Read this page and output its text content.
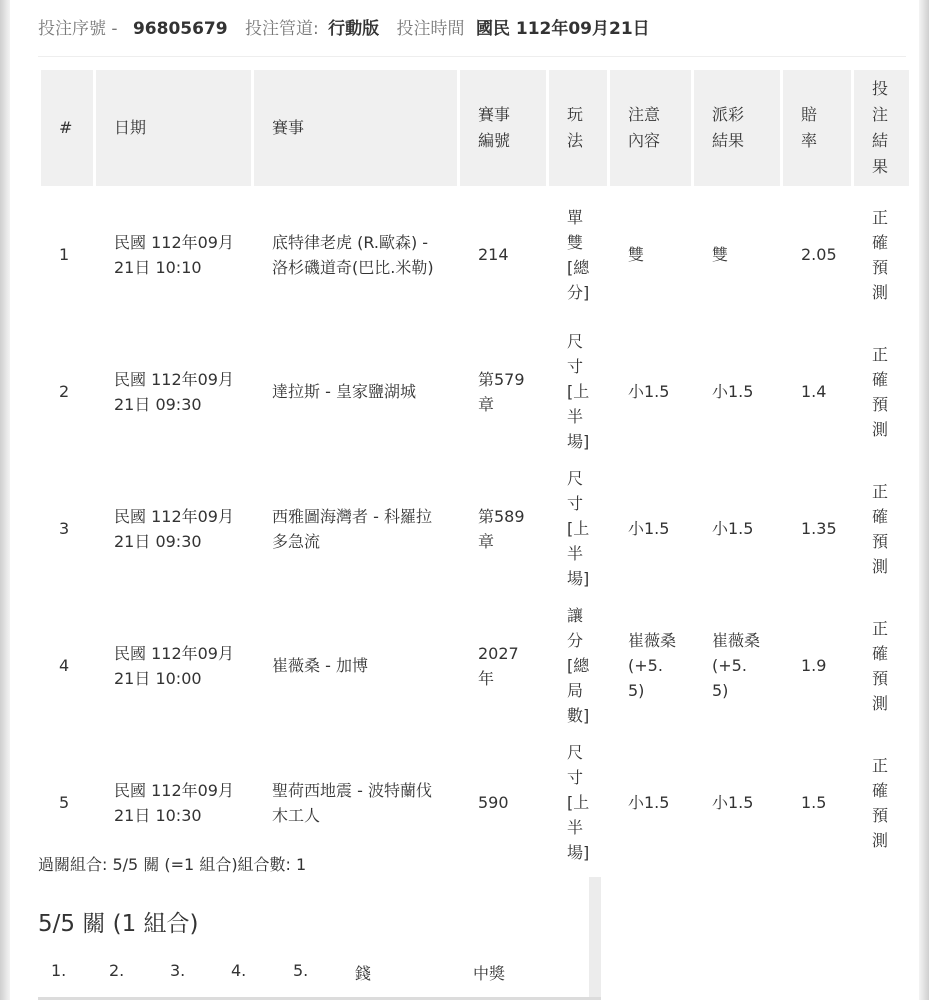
投注序號 - 96805679 投注管道: 行動版 投注時間 國民 112年09月21日
#	日期	賽事	賽事編號	玩法	注意內容	派彩結果	賠率	投注結果

1	民國 112年09月21日 10:10	底特律老虎 (R.歐森) - 洛杉磯道奇(巴比.米勒)	214	單雙[總分]	雙	雙	2.05	正確預測

2	民國 112年09月21日 09:30	達拉斯 - 皇家鹽湖城	第579章	尺寸[上半場]	小1.5	小1.5	1.4	正確預測

3	民國 112年09月21日 09:30	西雅圖海灣者 - 科羅拉多急流	第589章	尺寸[上半場]	小1.5	小1.5	1.35	正確預測

4	民國 112年09月21日 10:00	崔薇桑 - 加博	2027年	讓分[總局數]	崔薇桑(+5.5)	崔薇桑(+5.5)	1.9	正確預測

5	民國 112年09月21日 10:30	聖荷西地震 - 波特蘭伐木工人	590	尺寸[上半場]	小1.5	小1.5	1.5	正確預測
過關組合: 5/5 關 (=1 組合)組合數: 1
5/5 關 (1 組合)
1.	2.	3.	4.	5.	錢	中獎
